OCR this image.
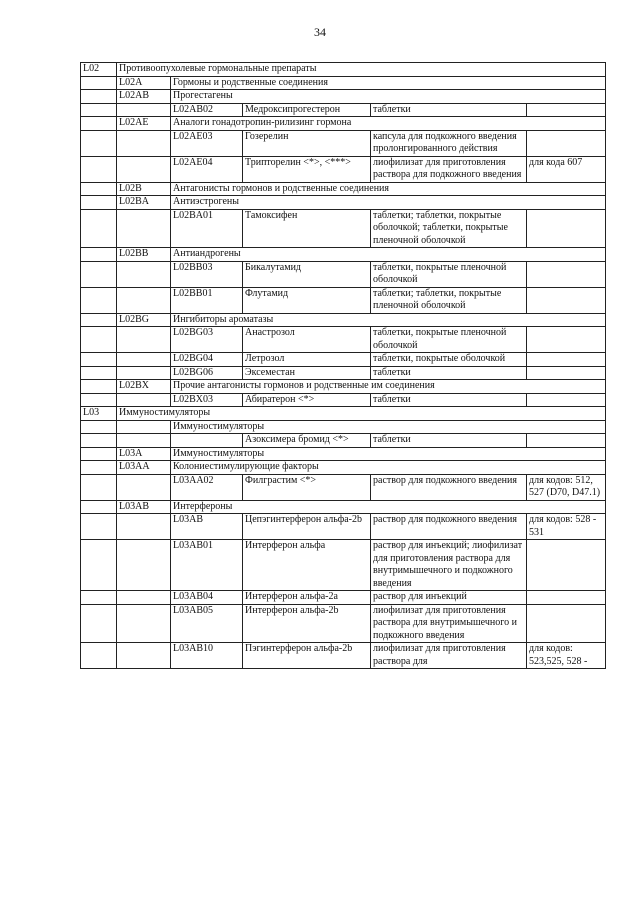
34
L02	Противоопухолевые гормональные препараты				
	L02A	Гормоны и родственные соединения			
	L02AB	Прогестагены			
		L02AB02	Медроксипрогестерон	таблетки	
	L02AE	Аналоги гонадотропин-рилизинг гормона			
		L02AE03	Гозерелин	капсула для подкожного введения пролонгированного действия	
		L02AE04	Трипторелин <*>, <***>	лиофилизат для приготовления раствора для подкожного введения	для кода 607
	L02B	Антагонисты гормонов и родственные соединения			
	L02BA	Антиэстрогены			
		L02BA01	Тамоксифен	таблетки; таблетки, покрытые оболочкой; таблетки, покрытые пленочной оболочкой	
	L02BB	Антиандрогены			
		L02BB03	Бикалутамид	таблетки, покрытые пленочной оболочкой	
		L02BB01	Флутамид	таблетки; таблетки, покрытые пленочной оболочкой	
	L02BG	Ингибиторы ароматазы			
		L02BG03	Анастрозол	таблетки, покрытые пленочной оболочкой	
		L02BG04	Летрозол	таблетки, покрытые оболочкой	
		L02BG06	Эксеместан	таблетки	
	L02BX	Прочие антагонисты гормонов и родственные им соединения			
		L02BX03	Абиратерон <*>	таблетки	
L03	Иммуностимуляторы				
		Иммуностимуляторы			
			Азоксимера бромид <*>	таблетки	
	L03A	Иммуностимуляторы			
	L03AA	Колониестимулирующие факторы			
		L03AA02	Филграстим <*>	раствор для подкожного введения	для кодов: 512, 527 (D70, D47.1)
	L03AB	Интерфероны			
		L03AB	Цепэгинтерферон альфа-2b	раствор для подкожного введения	для кодов: 528 - 531
		L03AB01	Интерферон альфа	раствор для инъекций; лиофилизат для приготовления раствора для внутримышечного и подкожного введения	
		L03AB04	Интерферон альфа-2а	раствор для инъекций	
		L03AB05	Интерферон альфа-2b	лиофилизат для приготовления раствора для внутримышечного и подкожного введения	
		L03AB10	Пэгинтерферон альфа-2b	лиофилизат для приготовления раствора для	для кодов: 523,525, 528 -
